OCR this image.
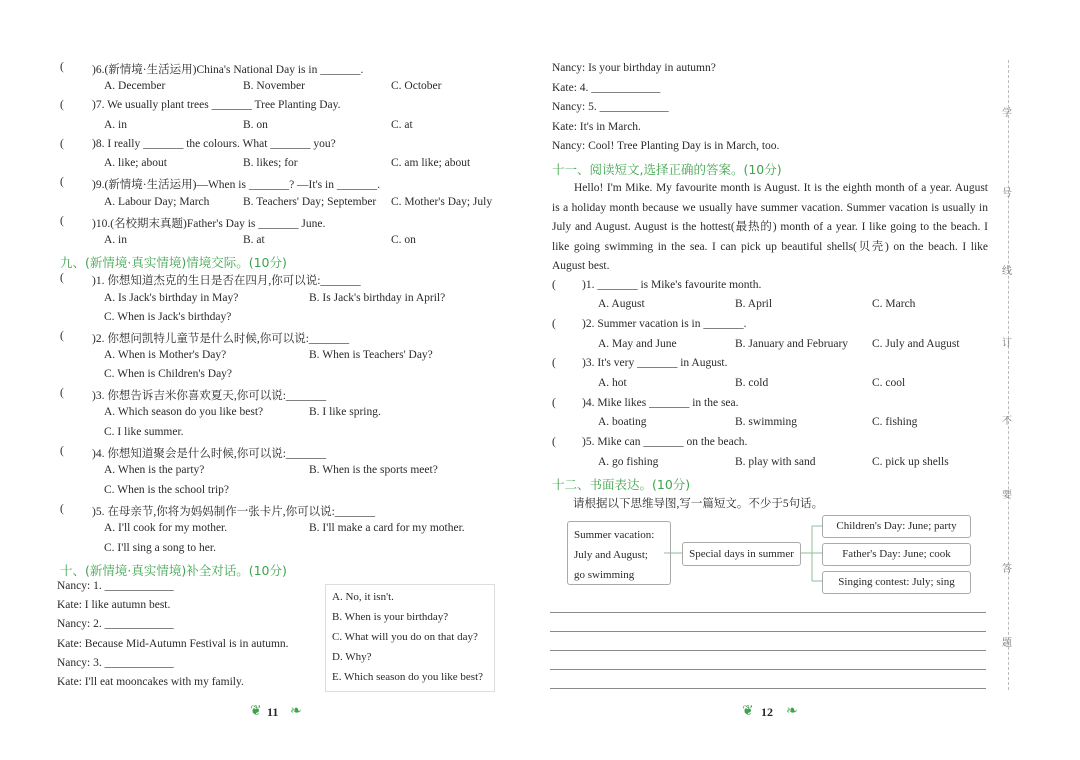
( )6.(新情境·生活运用)China's National Day is in _______.
A. December	B. November	C. October
( )7. We usually plant trees _______ Tree Planting Day.
A. in	B. on	C. at
( )8. I really _______ the colours. What _______ you?
A. like; about	B. likes; for	C. am like; about
( )9.(新情境·生活运用)—When is _______? —It's in _______.
A. Labour Day; March	B. Teachers' Day; September C. Mother's Day; July
( )10.(名校期末真题)Father's Day is _______ June.
A. in	B. at	C. on
九、(新情境·真实情境)情境交际。(10分)
( )1. 你想知道杰克的生日是否在四月,你可以说:_______
A. Is Jack's birthday in May?	B. Is Jack's birthday in April?
C. When is Jack's birthday?
( )2. 你想问凯特儿童节是什么时候,你可以说:_______
A. When is Mother's Day?	B. When is Teachers' Day?
C. When is Children's Day?
( )3. 你想告诉吉米你喜欢夏天,你可以说:_______
A. Which season do you like best?	B. I like spring.
C. I like summer.
( )4. 你想知道聚会是什么时候,你可以说:_______
A. When is the party?	B. When is the sports meet?
C. When is the school trip?
( )5. 在母亲节,你将为妈妈制作一张卡片,你可以说:_______
A. I'll cook for my mother.	B. I'll make a card for my mother.
C. I'll sing a song to her.
十、(新情境·真实情境)补全对话。(10分)
Nancy: 1. ____________
Kate: I like autumn best.
Nancy: 2. ____________
Kate: Because Mid-Autumn Festival is in autumn.
Nancy: 3. ____________
Kate: I'll eat mooncakes with my family.
A. No, it isn't.
B. When is your birthday?
C. What will you do on that day?
D. Why?
E. Which season do you like best?
❦ 11 ❧
Nancy: Is your birthday in autumn?
Kate: 4. ____________
Nancy: 5. ____________
Kate: It's in March.
Nancy: Cool! Tree Planting Day is in March, too.
十一、阅读短文,选择正确的答案。(10分)
Hello! I'm Mike. My favourite month is August. It is the eighth month of a year. August is a holiday month because we usually have summer vacation. Summer vacation is usually in July and August. August is the hottest(最热的) month of a year. I like going to the beach. I like going swimming in the sea. I can pick up beautiful shells(贝壳) on the beach. I like August best.
( )1. _______ is Mike's favourite month.
A. August	B. April	C. March
( )2. Summer vacation is in _______.
A. May and June	B. January and February C. July and August
( )3. It's very _______ in August.
A. hot	B. cold	C. cool
( )4. Mike likes _______ in the sea.
A. boating	B. swimming	C. fishing
( )5. Mike can _______ on the beach.
A. go fishing	B. play with sand	C. pick up shells
十二、书面表达。(10分)
请根据以下思维导图,写一篇短文。不少于5句话。
Summer vacation:
July and August;
go swimming
Special days in summer
Children's Day: June; party
Father's Day: June; cook
Singing contest: July; sing
❦ 12 ❧
学
号
线
订
不
要
答
题
